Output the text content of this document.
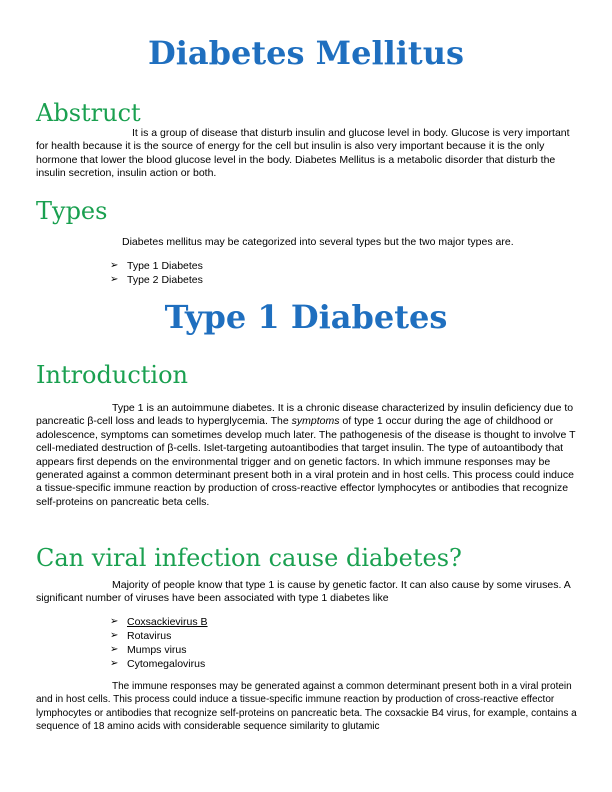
Diabetes Mellitus
Abstruct

It is a group of disease that disturb insulin and glucose level in body. Glucose is very important for health because it is the source of energy for the cell but insulin is also very important because it is the only hormone that lower the blood glucose level in the body. Diabetes Mellitus is a metabolic disorder that disturb the insulin secretion, insulin action or both.

Types

Diabetes mellitus may be categorized into several types but the two major types are.

➢ Type 1 Diabetes
➢ Type 2 Diabetes
Type 1 Diabetes
Introduction

Type 1 is an autoimmune diabetes. It is a chronic disease characterized by insulin deficiency due to pancreatic β-cell loss and leads to hyperglycemia. The symptoms of type 1 occur during the age of childhood or adolescence, symptoms can sometimes develop much later. The pathogenesis of the disease is thought to involve T cell-mediated destruction of β-cells. Islet-targeting autoantibodies that target insulin. The type of autoantibody that appears first depends on the environmental trigger and on genetic factors. In which immune responses may be generated against a common determinant present both in a viral protein and in host cells. This process could induce a tissue-specific immune reaction by production of cross-reactive effector lymphocytes or antibodies that recognize self-proteins on pancreatic beta cells.

Can viral infection cause diabetes?

Majority of people know that type 1 is cause by genetic factor. It can also cause by some viruses. A significant number of viruses have been associated with type 1 diabetes like

➢ Coxsackievirus B
➢ Rotavirus
➢ Mumps virus
➢ Cytomegalovirus

The immune responses may be generated against a common determinant present both in a viral protein and in host cells. This process could induce a tissue-specific immune reaction by production of cross-reactive effector lymphocytes or antibodies that recognize self-proteins on pancreatic beta. The coxsackie B4 virus, for example, contains a sequence of 18 amino acids with considerable sequence similarity to glutamic
